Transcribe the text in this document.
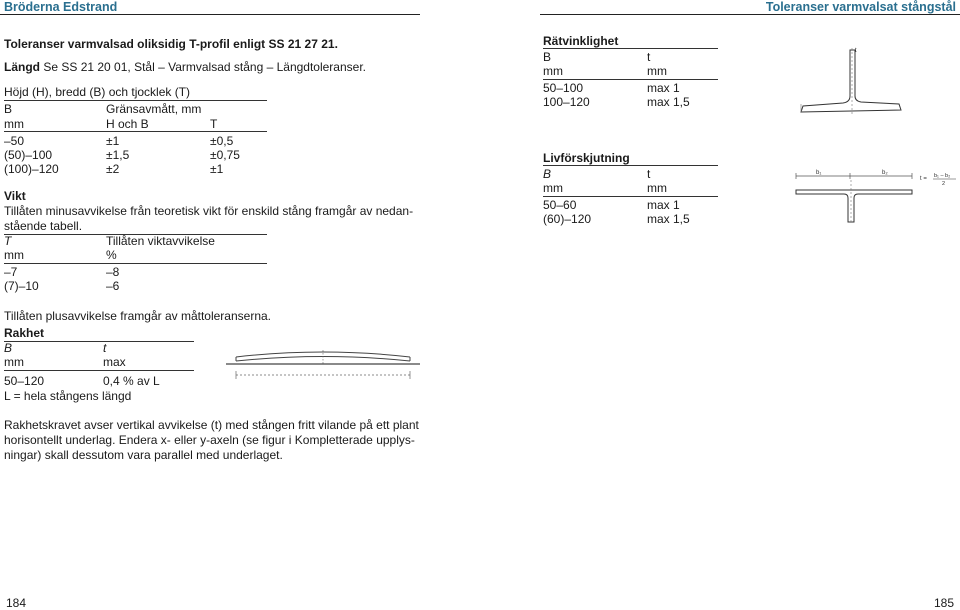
Bröderna Edstrand	Toleranser varmvalsat stångstål
Toleranser varmvalsad oliksidig T-profil enligt SS 21 27 21.
Längd Se SS 21 20 01, Stål – Varmvalsad stång – Längdtoleranser.
Höjd (H), bredd (B) och tjocklek (T)
B	Gränsavmått, mm
mm	H och B	T
–50	±1	±0,5
(50)–100	±1,5	±0,75
(100)–120	±2	±1
Vikt
Tillåten minusavvikelse från teoretisk vikt för enskild stång framgår av nedan-
stående tabell.
T	Tillåten viktavvikelse
mm	%
–7	–8
(7)–10	–6
Tillåten plusavvikelse framgår av måttoleranserna.
Rakhet
B	t
mm	max
50–120	0,4 % av L
L = hela stångens längd
Rakhetskravet avser vertikal avvikelse (t) med stången fritt vilande på ett plant
horisontellt underlag. Endera x- eller y-axeln (se figur i Kompletterade upplys-
ningar) skall dessutom vara parallel med underlaget.
Rätvinklighet
B	t
mm	mm
50–100	max 1
100–120	max 1,5
t
Livförskjutning
B	t
mm	mm
50–60	max 1
(60)–120	max 1,5
b₁	b₂
t = b₁ – b₂
2
184	185
